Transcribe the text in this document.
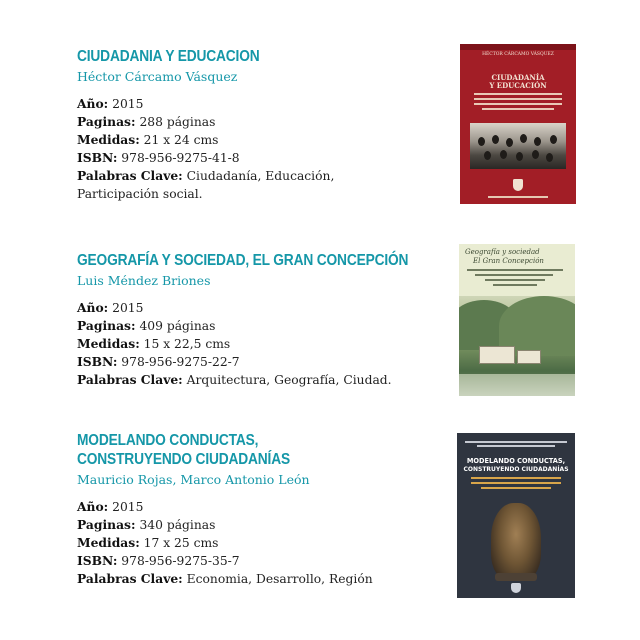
CIUDADANIA Y EDUCACION
Héctor Cárcamo Vásquez
Año: 2015
Paginas: 288 páginas
Medidas: 21 x 24 cms
ISBN: 978-956-9275-41-8
Palabras Clave: Ciudadanía, Educación,
Participación social.
HÉCTOR CÁRCAMO VÁSQUEZ
CIUDADANÍA
Y EDUCACIÓN
GEOGRAFÍA Y SOCIEDAD, EL GRAN CONCEPCIÓN
Luis Méndez Briones
Año: 2015
Paginas: 409 páginas
Medidas: 15 x 22,5 cms
ISBN: 978-956-9275-22-7
Palabras Clave: Arquitectura, Geografía, Ciudad.
Geografía y sociedad
El Gran Concepción
MODELANDO CONDUCTAS,
CONSTRUYENDO CIUDADANÍAS
Mauricio Rojas, Marco Antonio León
Año: 2015
Paginas: 340 páginas
Medidas: 17 x 25 cms
ISBN: 978-956-9275-35-7
Palabras Clave: Economia, Desarrollo, Región
MODELANDO CONDUCTAS,
CONSTRUYENDO CIUDADANÍAS
